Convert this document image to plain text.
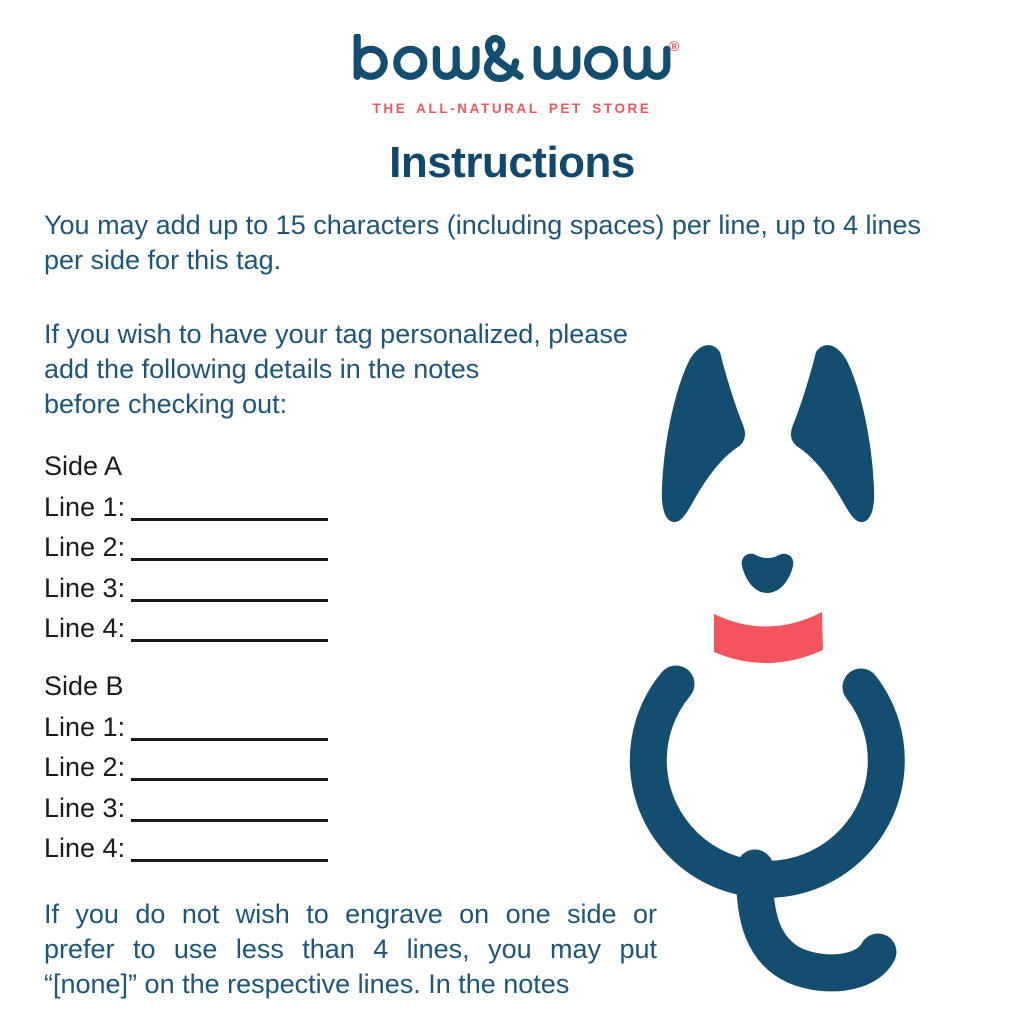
®
THE ALL-NATURAL PET STORE
Instructions
You may add up to 15 characters (including spaces) per line, up to 4 lines
per side for this tag.
If you wish to have your tag personalized, please
add the following details in the notes
before checking out:
Side A
Line 1:
Line 2:
Line 3:
Line 4:
Side B
Line 1:
Line 2:
Line 3:
Line 4:
If you do not wish to engrave on one side or
prefer to use less than 4 lines, you may put
“[none]” on the respective lines. In the notes
